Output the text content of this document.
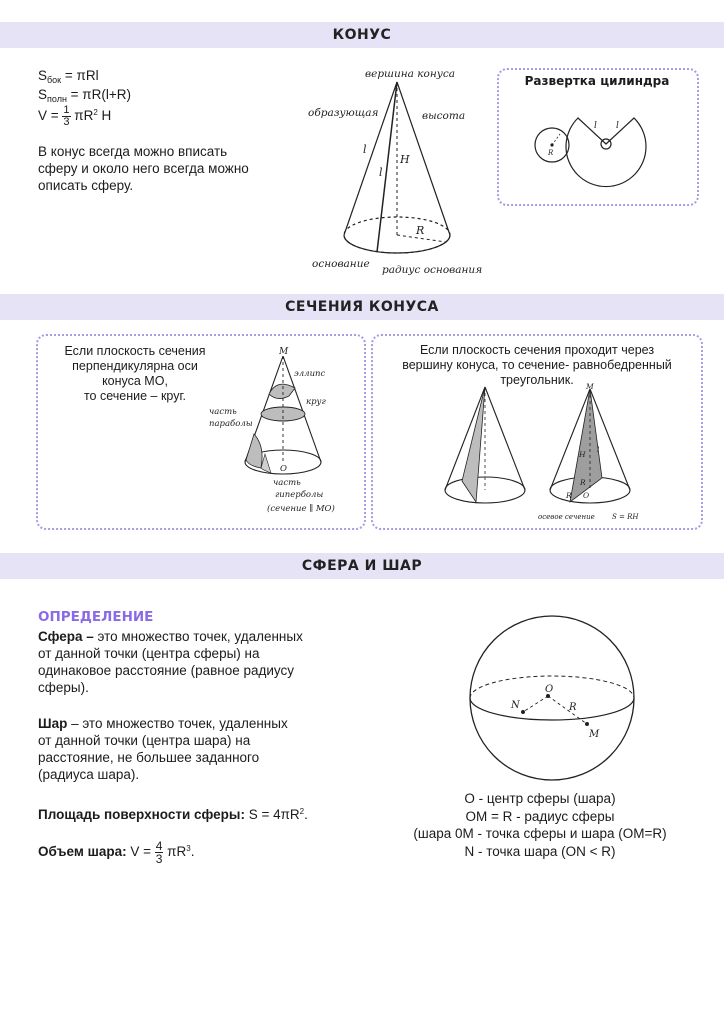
КОНУС
$S_{бок} = \pi Rl$
$S_{полн} = \pi R(l+R)$
$V = \frac{1}{3} \pi R^2$ H
В конус всегда можно вписать
сферу и около него всегда можно
описать сферу.
вершина конуса
образующая	высота
l
l
H
R
основание радиус основания
Развертка цилиндра
l l
R
СЕЧЕНИЯ КОНУСА
Если плоскость сечения
перпендикулярна оси
конуса МО,
то сечение – круг.
M
эллипс
круг
часть
параболы
O
часть
гиперболы
(сечение ∥ MO)
Если плоскость сечения проходит через
вершину конуса, то сечение- равнобедренный
треугольник.	M
H
l
R
R O
осевое сечение S = RH
СФЕРА И ШАР
ОПРЕДЕЛЕНИЕ
Сфера – это множество точек, удаленных
от данной точки (центра сферы) на
одинаковое расстояние (равное радиусу
сферы).
Шар – это множество точек, удаленных
от данной точки (центра шара) на
расстояние, не большее заданного
(радиуса шара).
Площадь поверхности сферы: $S = 4\pi R^2$.
Объем шара: $V = \frac{4}{3} \pi R^3$.
O
N	R
M
O - центр сферы (шара)
OM = R - радиус сферы
(шара 0M - точка сферы и шара (OM=R)
N - точка шара (ON < R)
